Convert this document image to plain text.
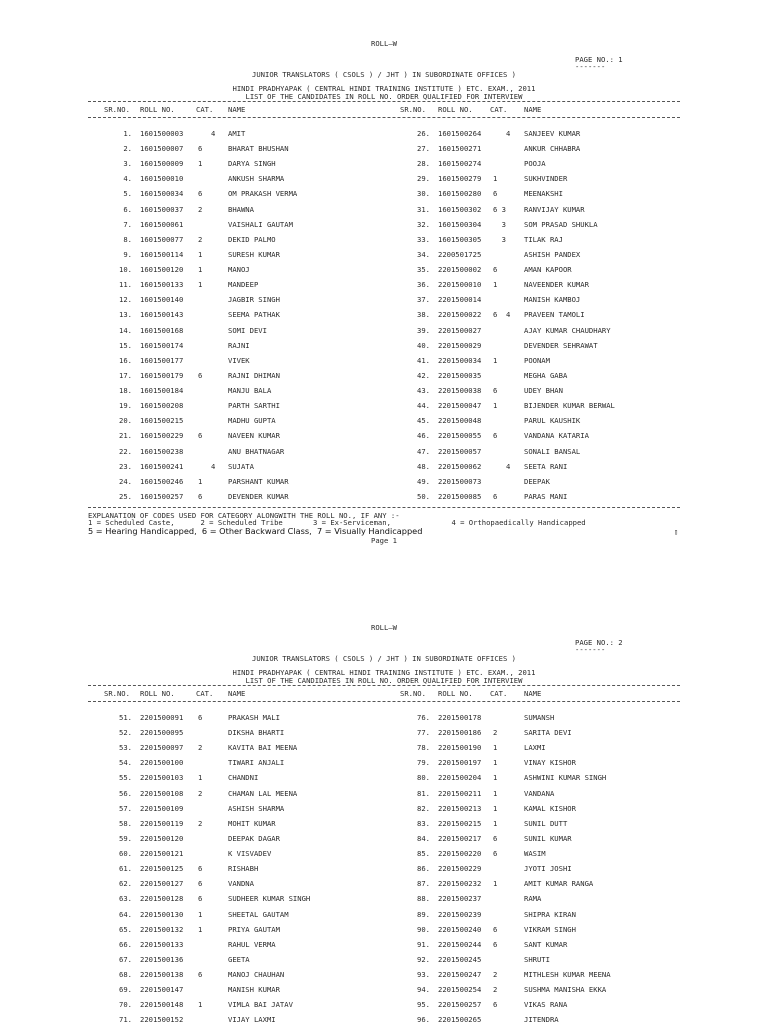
ROLL—W
PAGE NO.: 1
-------
JUNIOR TRANSLATORS ( CSOLS ) / JHT ) IN SUBORDINATE OFFICES )
HINDI PRADHYAPAK ( CENTRAL HINDI TRAINING INSTITUTE ) ETC. EXAM., 2011
LIST OF THE CANDIDATES IN ROLL NO. ORDER QUALIFIED FOR INTERVIEW
SR.NO. ROLL NO.	CAT. NAME	SR.NO. ROLL NO. CAT. NAME
1. 1601500003 4	AMIT	26. 1601500264 4	SANJEEV KUMAR
2. 1601500007 6	BHARAT BHUSHAN	27. 1601500271	ANKUR CHHABRA
3. 1601500009 1	DARYA SINGH	28. 1601500274	POOJA
4. 1601500010	ANKUSH SHARMA	29. 1601500279 1	SUKHVINDER
5. 1601500034 6	OM PRAKASH VERMA	30. 1601500280 6	MEENAKSHI
6. 1601500037 2	BHAWNA	31. 1601500302 6 3	RANVIJAY KUMAR
7. 1601500061	VAISHALI GAUTAM	32. 1601500304 3	SOM PRASAD SHUKLA
8. 1601500077 2	DEKID PALMO	33. 1601500305 3	TILAK RAJ
9. 1601500114 1	SURESH KUMAR	34. 2200501725	ASHISH PANDEX
10. 1601500120 1	MANOJ	35. 2201500002 6	AMAN KAPOOR
11. 1601500133 1	MANDEEP	36. 2201500010 1	NAVEENDER KUMAR
12. 1601500140	JAGBIR SINGH	37. 2201500014	MANISH KAMBOJ
13. 1601500143	SEEMA PATHAK	38. 2201500022 6  4	PRAVEEN TAMOLI
14. 1601500168	SOMI DEVI	39. 2201500027	AJAY KUMAR CHAUDHARY
15. 1601500174	RAJNI	40. 2201500029	DEVENDER SEHRAWAT
16. 1601500177	VIVEK	41. 2201500034 1	POONAM
17. 1601500179 6	RAJNI DHIMAN	42. 2201500035	MEGHA GABA
18. 1601500184	MANJU BALA	43. 2201500038 6	UDEY BHAN
19. 1601500208	PARTH SARTHI	44. 2201500047 1	BIJENDER KUMAR BERWAL
20. 1601500215	MADHU GUPTA	45. 2201500048	PARUL KAUSHIK
21. 1601500229 6	NAVEEN KUMAR	46. 2201500055 6	VANDANA KATARIA
22. 1601500238	ANU BHATNAGAR	47. 2201500057	SONALI BANSAL
23. 1601500241 4	SUJATA	48. 2201500062 4	SEETA RANI
24. 1601500246 1	PARSHANT KUMAR	49. 2201500073	DEEPAK
25. 1601500257 6	DEVENDER KUMAR	50. 2201500085 6	PARAS MANI
EXPLANATION OF CODES USED FOR CATEGORY ALONGWITH THE ROLL NO., IF ANY :-
1 = Scheduled Caste,      2 = Scheduled Tribe       3 = Ex-Serviceman,              4 = Orthopaedically Handicapped
5 = Hearing Handicapped,  6 = Other Backward Class,  7 = Visually Handicapped	▯
Page 1
ROLL—W
PAGE NO.: 2
-------
JUNIOR TRANSLATORS ( CSOLS ) / JHT ) IN SUBORDINATE OFFICES )
HINDI PRADHYAPAK ( CENTRAL HINDI TRAINING INSTITUTE ) ETC. EXAM., 2011
LIST OF THE CANDIDATES IN ROLL NO. ORDER QUALIFIED FOR INTERVIEW
SR.NO. ROLL NO.	CAT. NAME	SR.NO. ROLL NO. CAT. NAME
51. 2201500091 6	PRAKASH MALI	76. 2201500178	SUMANSH
52. 2201500095	DIKSHA BHARTI	77. 2201500186 2	SARITA DEVI
53. 2201500097 2	KAVITA BAI MEENA	78. 2201500190 1	LAXMI
54. 2201500100	TIWARI ANJALI	79. 2201500197 1	VINAY KISHOR
55. 2201500103 1	CHANDNI	80. 2201500204 1	ASHWINI KUMAR SINGH
56. 2201500108 2	CHAMAN LAL MEENA	81. 2201500211 1	VANDANA
57. 2201500109	ASHISH SHARMA	82. 2201500213 1	KAMAL KISHOR
58. 2201500119 2	MOHIT KUMAR	83. 2201500215 1	SUNIL DUTT
59. 2201500120	DEEPAK DAGAR	84. 2201500217 6	SUNIL KUMAR
60. 2201500121	K VISVADEV	85. 2201500220 6	WASIM
61. 2201500125 6	RISHABH	86. 2201500229	JYOTI JOSHI
62. 2201500127 6	VANDNA	87. 2201500232 1	AMIT KUMAR RANGA
63. 2201500128 6	SUDHEER KUMAR SINGH	88. 2201500237	RAMA
64. 2201500130 1	SHEETAL GAUTAM	89. 2201500239	SHIPRA KIRAN
65. 2201500132 1	PRIYA GAUTAM	90. 2201500240 6	VIKRAM SINGH
66. 2201500133	RAHUL VERMA	91. 2201500244 6	SANT KUMAR
67. 2201500136	GEETA	92. 2201500245	SHRUTI
68. 2201500138 6	MANOJ CHAUHAN	93. 2201500247 2	MITHLESH KUMAR MEENA
69. 2201500147	MANISH KUMAR	94. 2201500254 2	SUSHMA MANISHA EKKA
70. 2201500148 1	VIMLA BAI JATAV	95. 2201500257 6	VIKAS RANA
71. 2201500152	VIJAY LAXMI	96. 2201500265	JITENDRA
